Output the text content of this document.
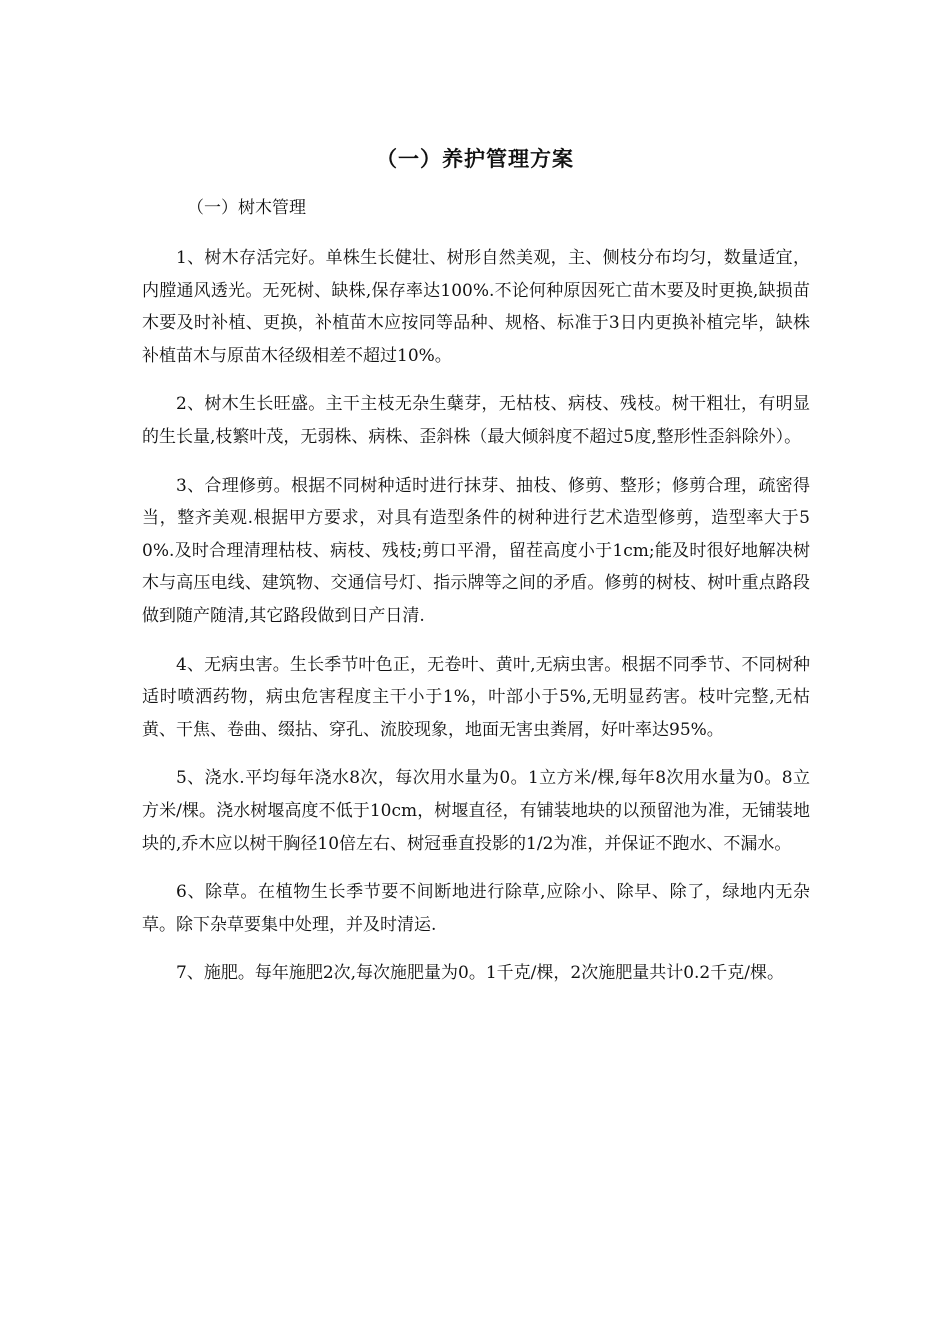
（一）养护管理方案

（一）树木管理

1、树木存活完好。单株生长健壮、树形自然美观，主、侧枝分布均匀，数量适宜，内膛通风透光。无死树、缺株,保存率达100%.不论何种原因死亡苗木要及时更换,缺损苗木要及时补植、更换，补植苗木应按同等品种、规格、标准于3日内更换补植完毕，缺株补植苗木与原苗木径级相差不超过10%。

2、树木生长旺盛。主干主枝无杂生蘖芽，无枯枝、病枝、残枝。树干粗壮，有明显的生长量,枝繁叶茂，无弱株、病株、歪斜株（最大倾斜度不超过5度,整形性歪斜除外）。

3、合理修剪。根据不同树种适时进行抹芽、抽枝、修剪、整形；修剪合理，疏密得当，整齐美观.根据甲方要求，对具有造型条件的树种进行艺术造型修剪，造型率大于50%.及时合理清理枯枝、病枝、残枝;剪口平滑，留茬高度小于1cm;能及时很好地解决树木与高压电线、建筑物、交通信号灯、指示牌等之间的矛盾。修剪的树枝、树叶重点路段做到随产随清,其它路段做到日产日清.

4、无病虫害。生长季节叶色正，无卷叶、黄叶,无病虫害。根据不同季节、不同树种适时喷洒药物，病虫危害程度主干小于1%，叶部小于5%,无明显药害。枝叶完整,无枯黄、干焦、卷曲、缀拈、穿孔、流胶现象，地面无害虫粪屑，好叶率达95%。

5、浇水.平均每年浇水8次，每次用水量为0。1立方米/棵,每年8次用水量为0。8立方米/棵。浇水树堰高度不低于10cm，树堰直径，有铺装地块的以预留池为准，无铺装地块的,乔木应以树干胸径10倍左右、树冠垂直投影的1/2为准，并保证不跑水、不漏水。

6、除草。在植物生长季节要不间断地进行除草,应除小、除早、除了，绿地内无杂草。除下杂草要集中处理，并及时清运.

7、施肥。每年施肥2次,每次施肥量为0。1千克/棵，2次施肥量共计0.2千克/棵。
